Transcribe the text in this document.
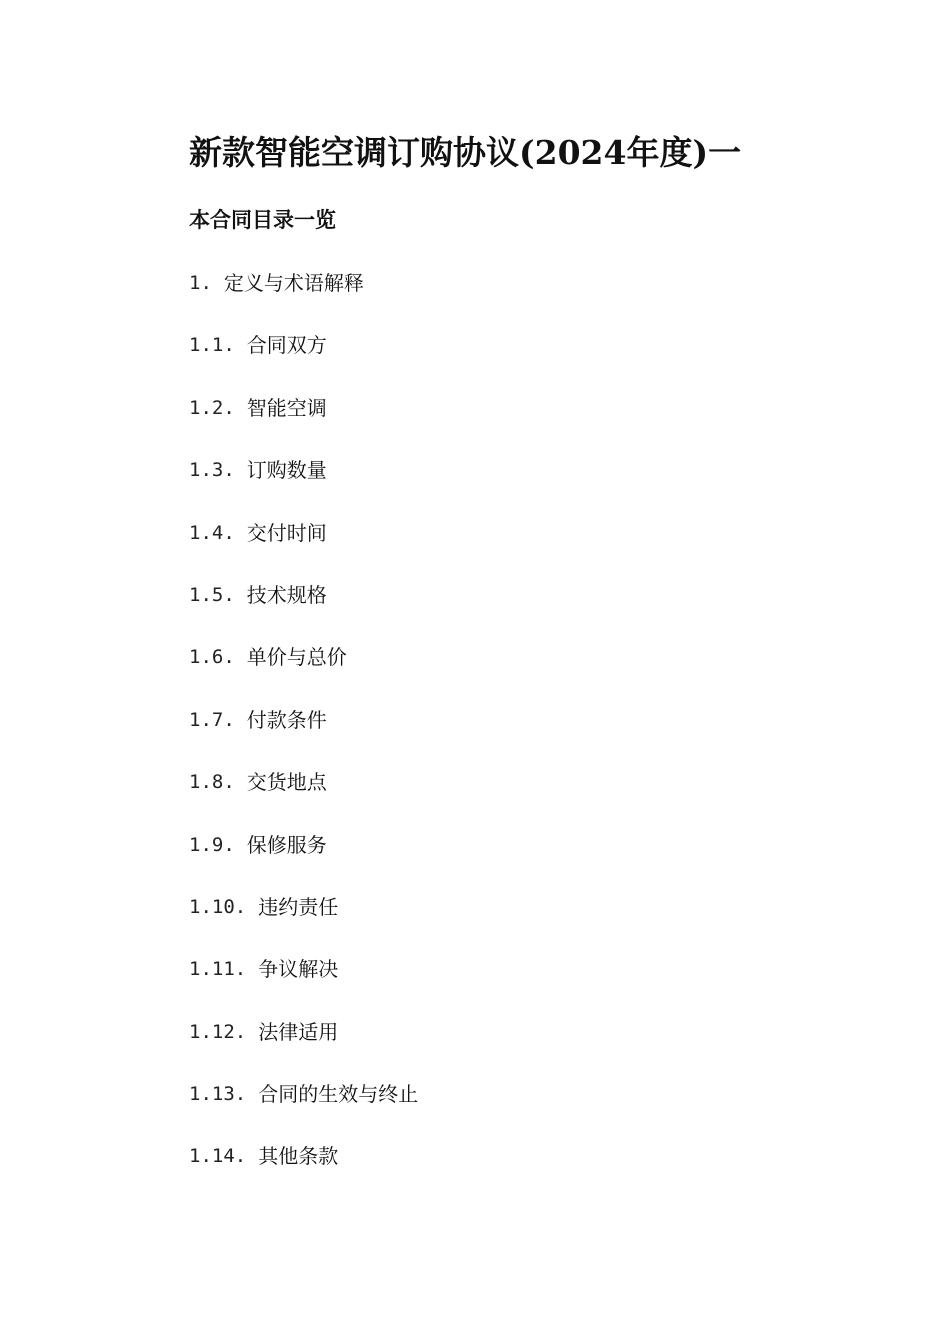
新款智能空调订购协议(2024年度)一
本合同目录一览
1. 定义与术语解释
1.1. 合同双方
1.2. 智能空调
1.3. 订购数量
1.4. 交付时间
1.5. 技术规格
1.6. 单价与总价
1.7. 付款条件
1.8. 交货地点
1.9. 保修服务
1.10. 违约责任
1.11. 争议解决
1.12. 法律适用
1.13. 合同的生效与终止
1.14. 其他条款
